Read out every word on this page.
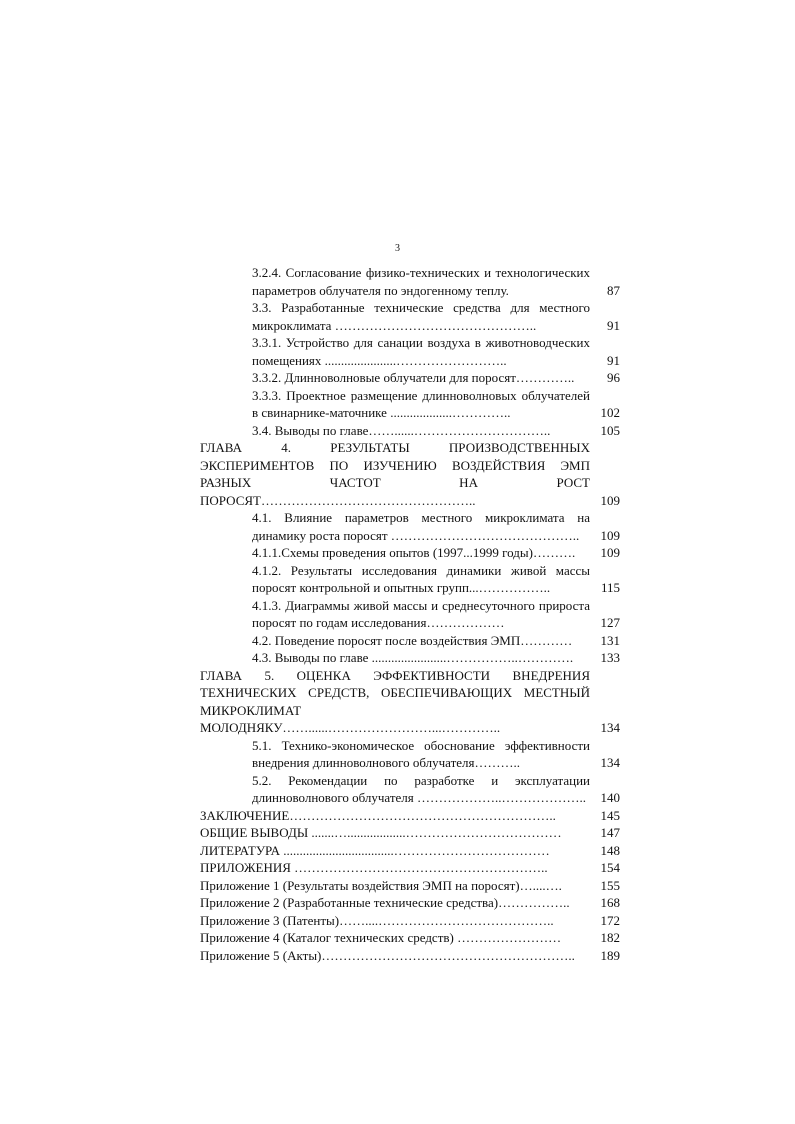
3
3.2.4. Согласование физико-технических и технологических параметров облучателя по эндогенному теплу.	87
3.3. Разработанные технические средства для местного микроклимата ………………………………………..	91
3.3.1. Устройство для санации воздуха в животноводческих помещениях ......................……………………..	91
3.3.2. Длинноволновые облучатели для поросят…………..	96
3.3.3. Проектное размещение длинноволновых облучателей в свинарнике-маточнике ...................…………..	102
3.4. Выводы по главе……......…………………………..	105
ГЛАВА 4. РЕЗУЛЬТАТЫ ПРОИЗВОДСТВЕННЫХ ЭКСПЕРИМЕНТОВ ПО ИЗУЧЕНИЮ ВОЗДЕЙСТВИЯ ЭМП РАЗНЫХ ЧАСТОТ НА РОСТ ПОРОСЯТ…………………………………………..	109
4.1. Влияние параметров местного микроклимата на динамику роста поросят ……………………………………..	109
4.1.1.Схемы проведения опытов (1997...1999 годы)……….	109
4.1.2. Результаты исследования динамики живой массы поросят контрольной и опытных групп...……………..	115
4.1.3. Диаграммы живой массы и среднесуточного прироста поросят по годам исследования………………	127
4.2. Поведение поросят после воздействия ЭМП…………	131
4.3. Выводы по главе .......................……………..………….	133
ГЛАВА 5. ОЦЕНКА ЭФФЕКТИВНОСТИ ВНЕДРЕНИЯ ТЕХНИЧЕСКИХ СРЕДСТВ, ОБЕСПЕЧИВАЮЩИХ МЕСТНЫЙ МИКРОКЛИМАТ МОЛОДНЯКУ……......……………………...…………..	134
5.1. Технико-экономическое обоснование эффективности внедрения длинноволнового облучателя………..	134
5.2. Рекомендации по разработке и эксплуатации длинноволнового облучателя ………………..………………..	140
ЗАКЛЮЧЕНИЕ……………………………………………………..	145
ОБЩИЕ ВЫВОДЫ .......…..................………………………………	147
ЛИТЕРАТУРА ..................................………………………………	148
ПРИЛОЖЕНИЯ …………………………………………………..	154
Приложение 1 (Результаты воздействия ЭМП на поросят)…....….	155
Приложение 2 (Разработанные технические средства)……………..	168
Приложение 3 (Патенты)……....…………………………………..	172
Приложение 4 (Каталог технических средств) ……………………	182
Приложение 5 (Акты)…………………………………………………..	189
